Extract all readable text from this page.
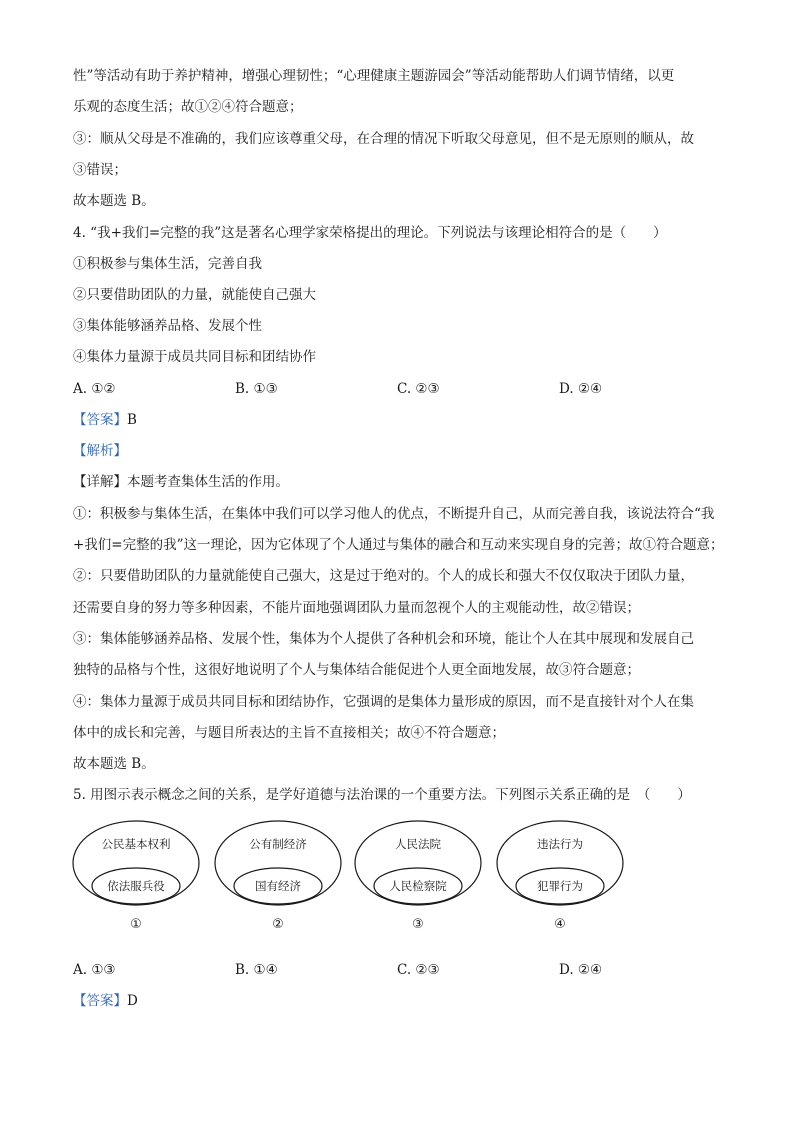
性”等活动有助于养护精神，增强心理韧性；“心理健康主题游园会”等活动能帮助人们调节情绪，以更
乐观的态度生活；故①②④符合题意；
③：顺从父母是不准确的，我们应该尊重父母，在合理的情况下听取父母意见，但不是无原则的顺从，故
③错误；
故本题选 B。
4. “我+我们=完整的我”这是著名心理学家荣格提出的理论。下列说法与该理论相符合的是（　　）
①积极参与集体生活，完善自我
②只要借助团队的力量，就能使自己强大
③集体能够涵养品格、发展个性
④集体力量源于成员共同目标和团结协作
A. ①②	B. ①③	C. ②③	D. ②④
【答案】B
【解析】
【详解】本题考查集体生活的作用。
①：积极参与集体生活，在集体中我们可以学习他人的优点，不断提升自己，从而完善自我，该说法符合“我
+我们=完整的我”这一理论，因为它体现了个人通过与集体的融合和互动来实现自身的完善；故①符合题意；
②：只要借助团队的力量就能使自己强大，这是过于绝对的。个人的成长和强大不仅仅取决于团队力量，
还需要自身的努力等多种因素，不能片面地强调团队力量而忽视个人的主观能动性，故②错误；
③：集体能够涵养品格、发展个性，集体为个人提供了各种机会和环境，能让个人在其中展现和发展自己
独特的品格与个性，这很好地说明了个人与集体结合能促进个人更全面地发展，故③符合题意；
④：集体力量源于成员共同目标和团结协作，它强调的是集体力量形成的原因，而不是直接针对个人在集
体中的成长和完善，与题目所表达的主旨不直接相关；故④不符合题意；
故本题选 B。
5. 用图示表示概念之间的关系，是学好道德与法治课的一个重要方法。下列图示关系正确的是　（　　）
公民基本权利
依法服兵役
①
公有制经济
国有经济
②
人民法院
人民检察院
③
违法行为
犯罪行为
④
A. ①③	B. ①④	C. ②③	D. ②④
【答案】D
